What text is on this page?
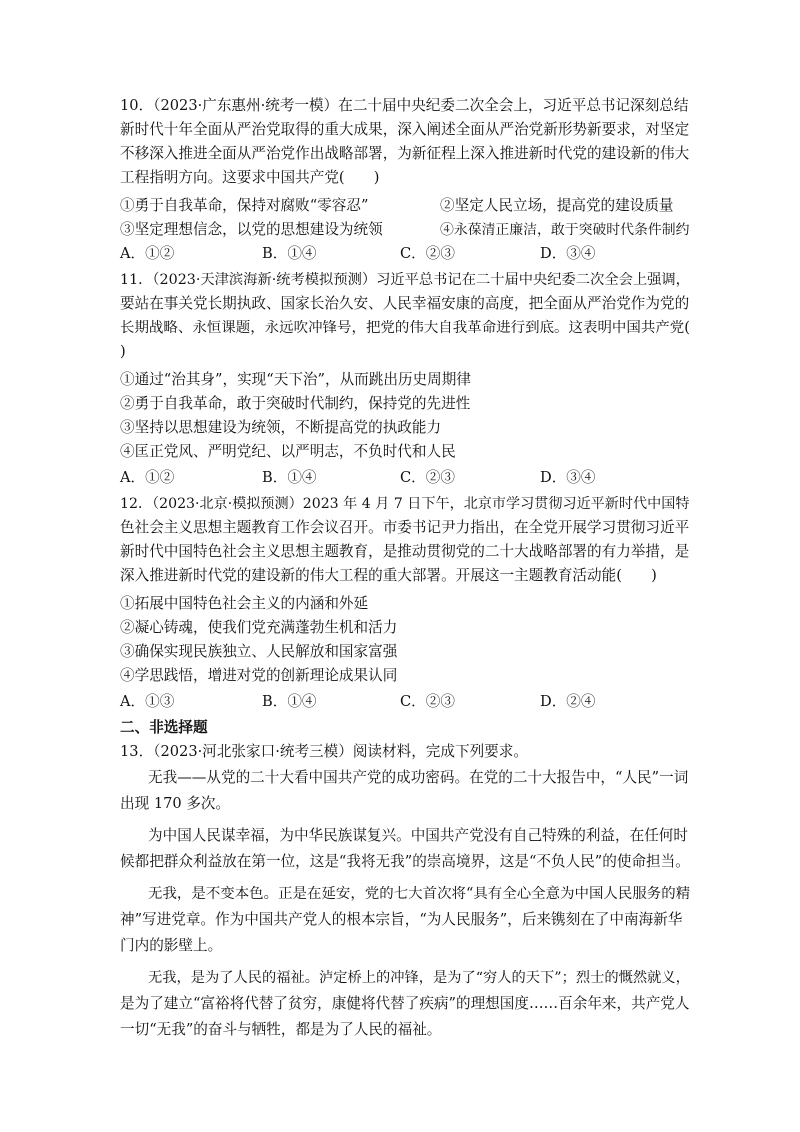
10．（2023·广东惠州·统考一模）在二十届中央纪委二次全会上，习近平总书记深刻总结
新时代十年全面从严治党取得的重大成果，深入阐述全面从严治党新形势新要求，对坚定
不移深入推进全面从严治党作出战略部署，为新征程上深入推进新时代党的建设新的伟大
工程指明方向。这要求中国共产党(　　)
①勇于自我革命，保持对腐败“零容忍”	②坚定人民立场，提高党的建设质量
③坚定理想信念，以党的思想建设为统领	④永葆清正廉洁，敢于突破时代条件制约
A．①②	B．①④	C．②③	D．③④
11．（2023·天津滨海新·统考模拟预测）习近平总书记在二十届中央纪委二次全会上强调，
要站在事关党长期执政、国家长治久安、人民幸福安康的高度，把全面从严治党作为党的
长期战略、永恒课题，永远吹冲锋号，把党的伟大自我革命进行到底。这表明中国共产党(
)
①通过“治其身”，实现“天下治”，从而跳出历史周期律
②勇于自我革命，敢于突破时代制约，保持党的先进性
③坚持以思想建设为统领，不断提高党的执政能力
④匡正党风、严明党纪、以严明志，不负时代和人民
A．①②	B．①④	C．②③	D．③④
12．（2023·北京·模拟预测）2023 年 4 月 7 日下午，北京市学习贯彻习近平新时代中国特
色社会主义思想主题教育工作会议召开。市委书记尹力指出，在全党开展学习贯彻习近平
新时代中国特色社会主义思想主题教育，是推动贯彻党的二十大战略部署的有力举措，是
深入推进新时代党的建设新的伟大工程的重大部署。开展这一主题教育活动能(　　)
①拓展中国特色社会主义的内涵和外延
②凝心铸魂，使我们党充满蓬勃生机和活力
③确保实现民族独立、人民解放和国家富强
④学思践悟，增进对党的创新理论成果认同
A．①③	B．①④	C．②③	D．②④
二、非选择题
13．（2023·河北张家口·统考三模）阅读材料，完成下列要求。
无我——从党的二十大看中国共产党的成功密码。在党的二十大报告中，“人民”一词
出现 170 多次。
为中国人民谋幸福，为中华民族谋复兴。中国共产党没有自己特殊的利益，在任何时
候都把群众利益放在第一位，这是“我将无我”的崇高境界，这是“不负人民”的使命担当。
无我，是不变本色。正是在延安，党的七大首次将“具有全心全意为中国人民服务的精
神”写进党章。作为中国共产党人的根本宗旨，“为人民服务”，后来镌刻在了中南海新华
门内的影壁上。
无我，是为了人民的福祉。泸定桥上的冲锋，是为了“穷人的天下”；烈士的慨然就义，
是为了建立“富裕将代替了贫穷，康健将代替了疾病”的理想国度……百余年来，共产党人
一切“无我”的奋斗与牺牲，都是为了人民的福祉。
